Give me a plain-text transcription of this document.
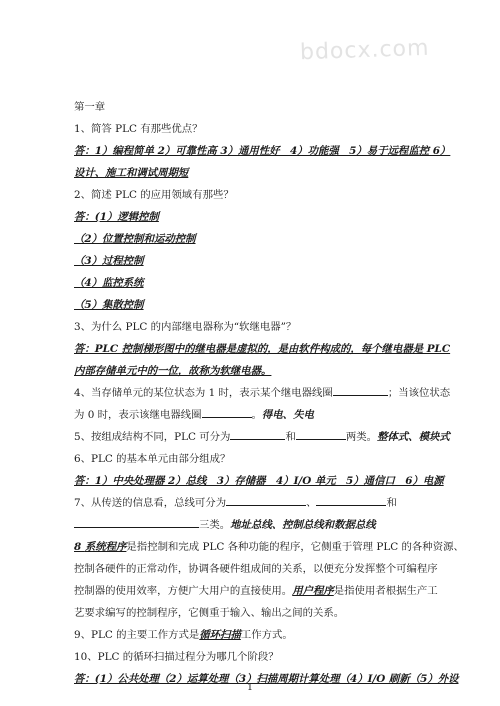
bdocx.com
第一章
1、简答 PLC 有那些优点？
答：1）编程简单 2）可靠性高 3）通用性好　4）功能强　5）易于远程监控 6）
设计、施工和调试周期短
2、简述 PLC 的应用领域有那些？
答：(1）逻辑控制
（2）位置控制和运动控制
（3）过程控制
（4）监控系统
（5）集散控制
3、为什么 PLC 的内部继电器称为“软继电器”？
答：PLC 控制梯形图中的继电器是虚拟的，是由软件构成的，每个继电器是 PLC
内部存储单元中的一位，故称为软继电器。
4、当存储单元的某位状态为 1 时，表示某个继电器线圈	；当该位状态
为 0 时，表示该继电器线圈	。得电、失电
5、按组成结构不同，PLC 可分为	和	两类。整体式、模块式
6、PLC 的基本单元由部分组成？
答：1）中央处理器 2）总线　3）存储器　4）I/O 单元　5）通信口　6）电源
7、从传送的信息看，总线可分为	、	和
三类。地址总线、控制总线和数据总线
8 系统程序是指控制和完成 PLC 各种功能的程序，它侧重于管理 PLC 的各种资源、
控制各硬件的正常动作，协调各硬件组成间的关系，以便充分发挥整个可编程序
控制器的使用效率，方便广大用户的直接使用。用户程序是指使用者根据生产工
艺要求编写的控制程序，它侧重于输入、输出之间的关系。
9、PLC 的主要工作方式是循环扫描工作方式。
10、PLC 的循环扫描过程分为哪几个阶段？
答：(1）公共处理（2）运算处理（3）扫描周期计算处理（4）I/O 刷新（5）外设
1
